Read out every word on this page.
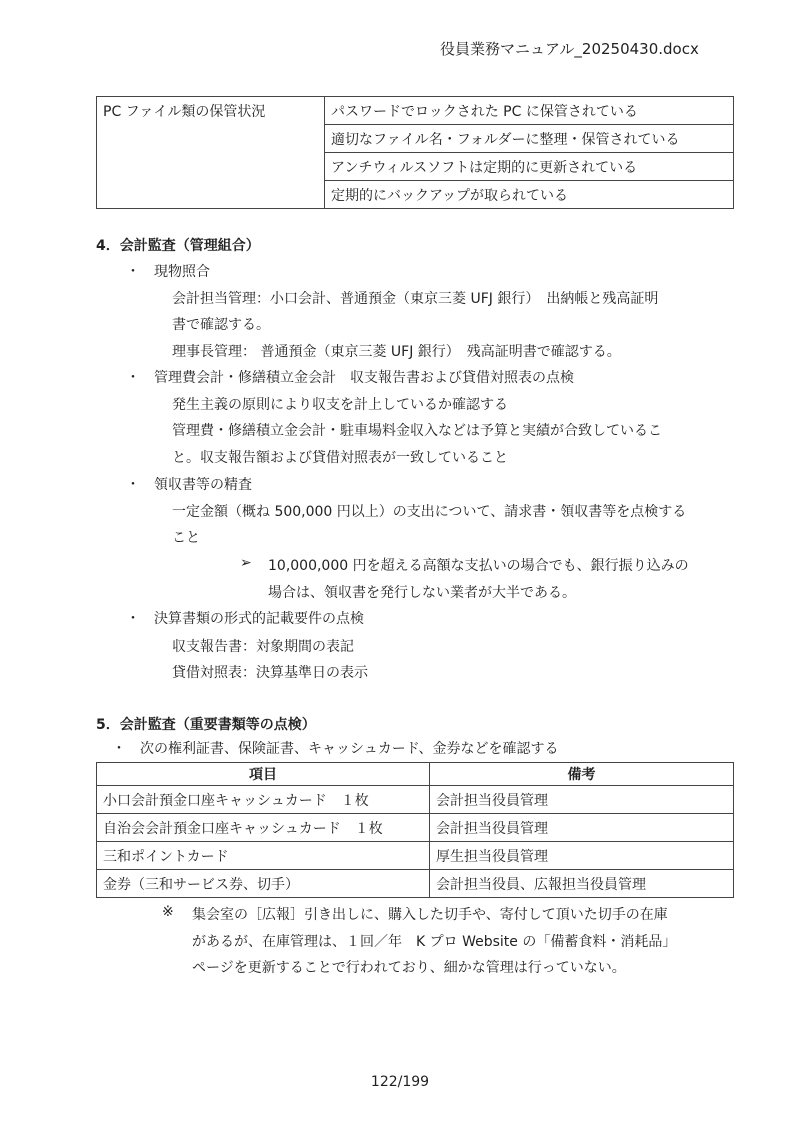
役員業務マニュアル_20250430.docx
PC ファイル類の保管状況	パスワードでロックされた PC に保管されている
適切なファイル名・フォルダーに整理・保管されている
アンチウィルスソフトは定期的に更新されている
定期的にバックアップが取られている
4．会計監査（管理組合）
・　現物照合
会計担当管理：小口会計、普通預金（東京三菱 UFJ 銀行）　出納帳と残高証明
書で確認する。
理事長管理： 普通預金（東京三菱 UFJ 銀行）　残高証明書で確認する。
・　管理費会計・修繕積立金会計　収支報告書および貸借対照表の点検
発生主義の原則により収支を計上しているか確認する
管理費・修繕積立金会計・駐車場料金収入などは予算と実績が合致しているこ
と。収支報告額および貸借対照表が一致していること
・　領収書等の精査
一定金額（概ね 500,000 円以上）の支出について、請求書・領収書等を点検する
こと
➢ 10,000,000 円を超える高額な支払いの場合でも、銀行振り込みの
場合は、領収書を発行しない業者が大半である。
・　決算書類の形式的記載要件の点検
収支報告書：対象期間の表記
貸借対照表：決算基準日の表示
5．会計監査（重要書類等の点検）
・　次の権利証書、保険証書、キャッシュカード、金券などを確認する
項目	備考
小口会計預金口座キャッシュカード　１枚	会計担当役員管理
自治会会計預金口座キャッシュカード　１枚	会計担当役員管理
三和ポイントカード	厚生担当役員管理
金券（三和サービス券、切手）	会計担当役員、広報担当役員管理
※ 集会室の［広報］引き出しに、購入した切手や、寄付して頂いた切手の在庫
があるが、在庫管理は、１回／年　K プロ Website の「備蓄食料・消耗品」
ページを更新することで行われており、細かな管理は行っていない。
122/199
